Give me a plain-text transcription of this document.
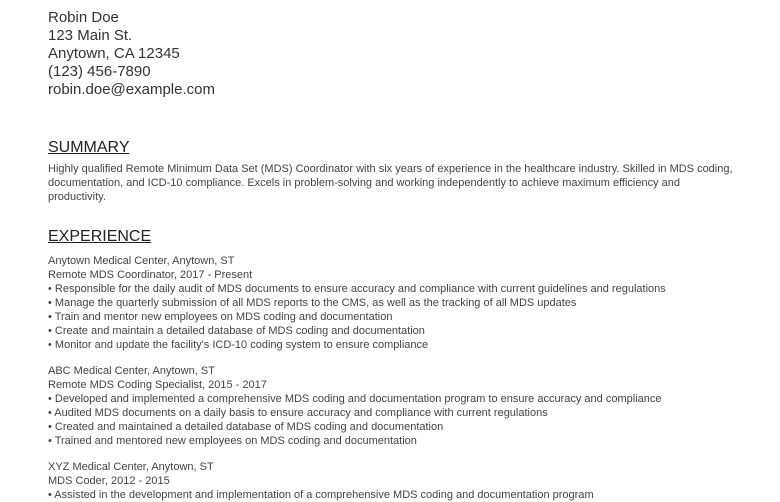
Robin Doe
123 Main St.
Anytown, CA 12345
(123) 456-7890
robin.doe@example.com
SUMMARY
Highly qualified Remote Minimum Data Set (MDS) Coordinator with six years of experience in the healthcare industry. Skilled in MDS coding, documentation, and ICD-10 compliance. Excels in problem-solving and working independently to achieve maximum efficiency and productivity.
EXPERIENCE
Anytown Medical Center, Anytown, ST
Remote MDS Coordinator, 2017 - Present
• Responsible for the daily audit of MDS documents to ensure accuracy and compliance with current guidelines and regulations
• Manage the quarterly submission of all MDS reports to the CMS, as well as the tracking of all MDS updates
• Train and mentor new employees on MDS coding and documentation
• Create and maintain a detailed database of MDS coding and documentation
• Monitor and update the facility's ICD-10 coding system to ensure compliance
ABC Medical Center, Anytown, ST
Remote MDS Coding Specialist, 2015 - 2017
• Developed and implemented a comprehensive MDS coding and documentation program to ensure accuracy and compliance
• Audited MDS documents on a daily basis to ensure accuracy and compliance with current regulations
• Created and maintained a detailed database of MDS coding and documentation
• Trained and mentored new employees on MDS coding and documentation
XYZ Medical Center, Anytown, ST
MDS Coder, 2012 - 2015
• Assisted in the development and implementation of a comprehensive MDS coding and documentation program
